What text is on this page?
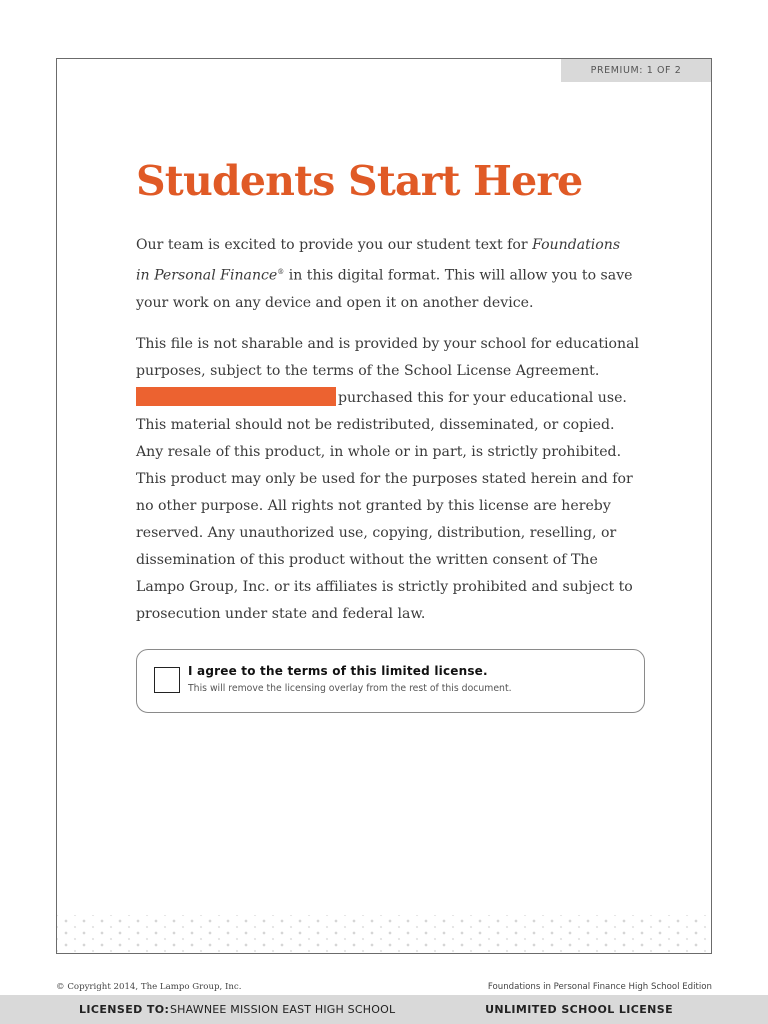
PREMIUM: 1 OF 2
Students Start Here
Our team is excited to provide you our student text for Foundations
in Personal Finance® in this digital format. This will allow you to save
your work on any device and open it on another device.
This file is not sharable and is provided by your school for educational
purposes, subject to the terms of the School License Agreement.
purchased this for your educational use.
This material should not be redistributed, disseminated, or copied.
Any resale of this product, in whole or in part, is strictly prohibited.
This product may only be used for the purposes stated herein and for
no other purpose. All rights not granted by this license are hereby
reserved. Any unauthorized use, copying, distribution, reselling, or
dissemination of this product without the written consent of The
Lampo Group, Inc. or its affiliates is strictly prohibited and subject to
prosecution under state and federal law.
I agree to the terms of this limited license.
This will remove the licensing overlay from the rest of this document.
© Copyright 2014, The Lampo Group, Inc.	Foundations in Personal Finance High School Edition
LICENSED TO: SHAWNEE MISSION EAST HIGH SCHOOL	UNLIMITED SCHOOL LICENSE
